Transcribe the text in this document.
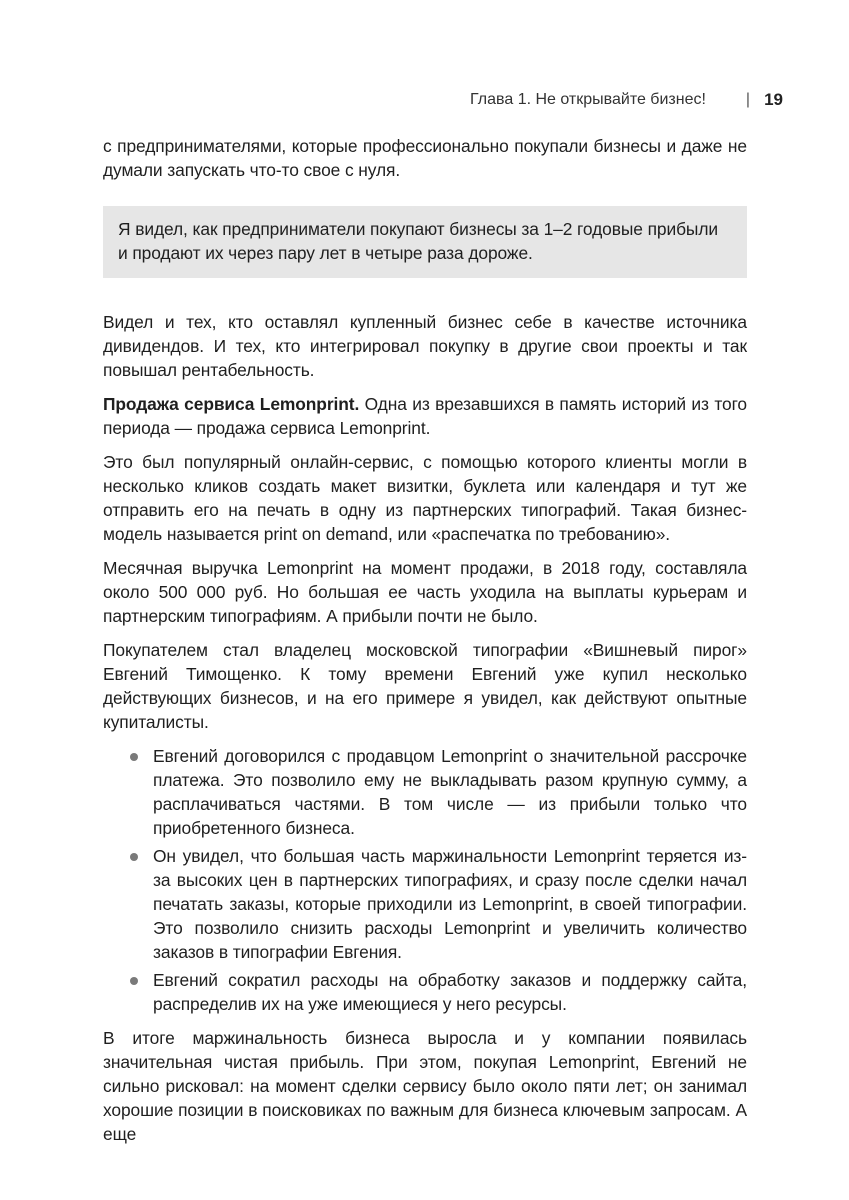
Глава 1. Не открывайте бизнес!	| 19

с предпринимателями, которые профессионально покупали бизнесы и даже не думали запускать что-то свое с нуля.

Я видел, как предприниматели покупают бизнесы за 1–2 годовые прибыли и продают их через пару лет в четыре раза дороже.

Видел и тех, кто оставлял купленный бизнес себе в качестве источника дивидендов. И тех, кто интегрировал покупку в другие свои проекты и так повышал рентабельность.

Продажа сервиса Lemonprint. Одна из врезавшихся в память историй из того периода — продажа сервиса Lemonprint.

Это был популярный онлайн-сервис, с помощью которого клиенты могли в несколько кликов создать макет визитки, буклета или календаря и тут же отправить его на печать в одну из партнерских типографий. Такая бизнес-модель называется print on demand, или «распечатка по требованию».

Месячная выручка Lemonprint на момент продажи, в 2018 году, составляла около 500 000 руб. Но большая ее часть уходила на выплаты курьерам и партнерским типографиям. А прибыли почти не было.

Покупателем стал владелец московской типографии «Вишневый пирог» Евгений Тимощенко. К тому времени Евгений уже купил несколько действующих бизнесов, и на его примере я увидел, как действуют опытные купиталисты.

Евгений договорился с продавцом Lemonprint о значительной рассрочке платежа. Это позволило ему не выкладывать разом крупную сумму, а расплачиваться частями. В том числе — из прибыли только что приобретенного бизнеса.
Он увидел, что большая часть маржинальности Lemonprint теряется из-за высоких цен в партнерских типографиях, и сразу после сделки начал печатать заказы, которые приходили из Lemonprint, в своей типографии. Это позволило снизить расходы Lemonprint и увеличить количество заказов в типографии Евгения.
Евгений сократил расходы на обработку заказов и поддержку сайта, распределив их на уже имеющиеся у него ресурсы.

В итоге маржинальность бизнеса выросла и у компании появилась значительная чистая прибыль. При этом, покупая Lemonprint, Евгений не сильно рисковал: на момент сделки сервису было около пяти лет; он занимал хорошие позиции в поисковиках по важным для бизнеса ключевым запросам. А еще
